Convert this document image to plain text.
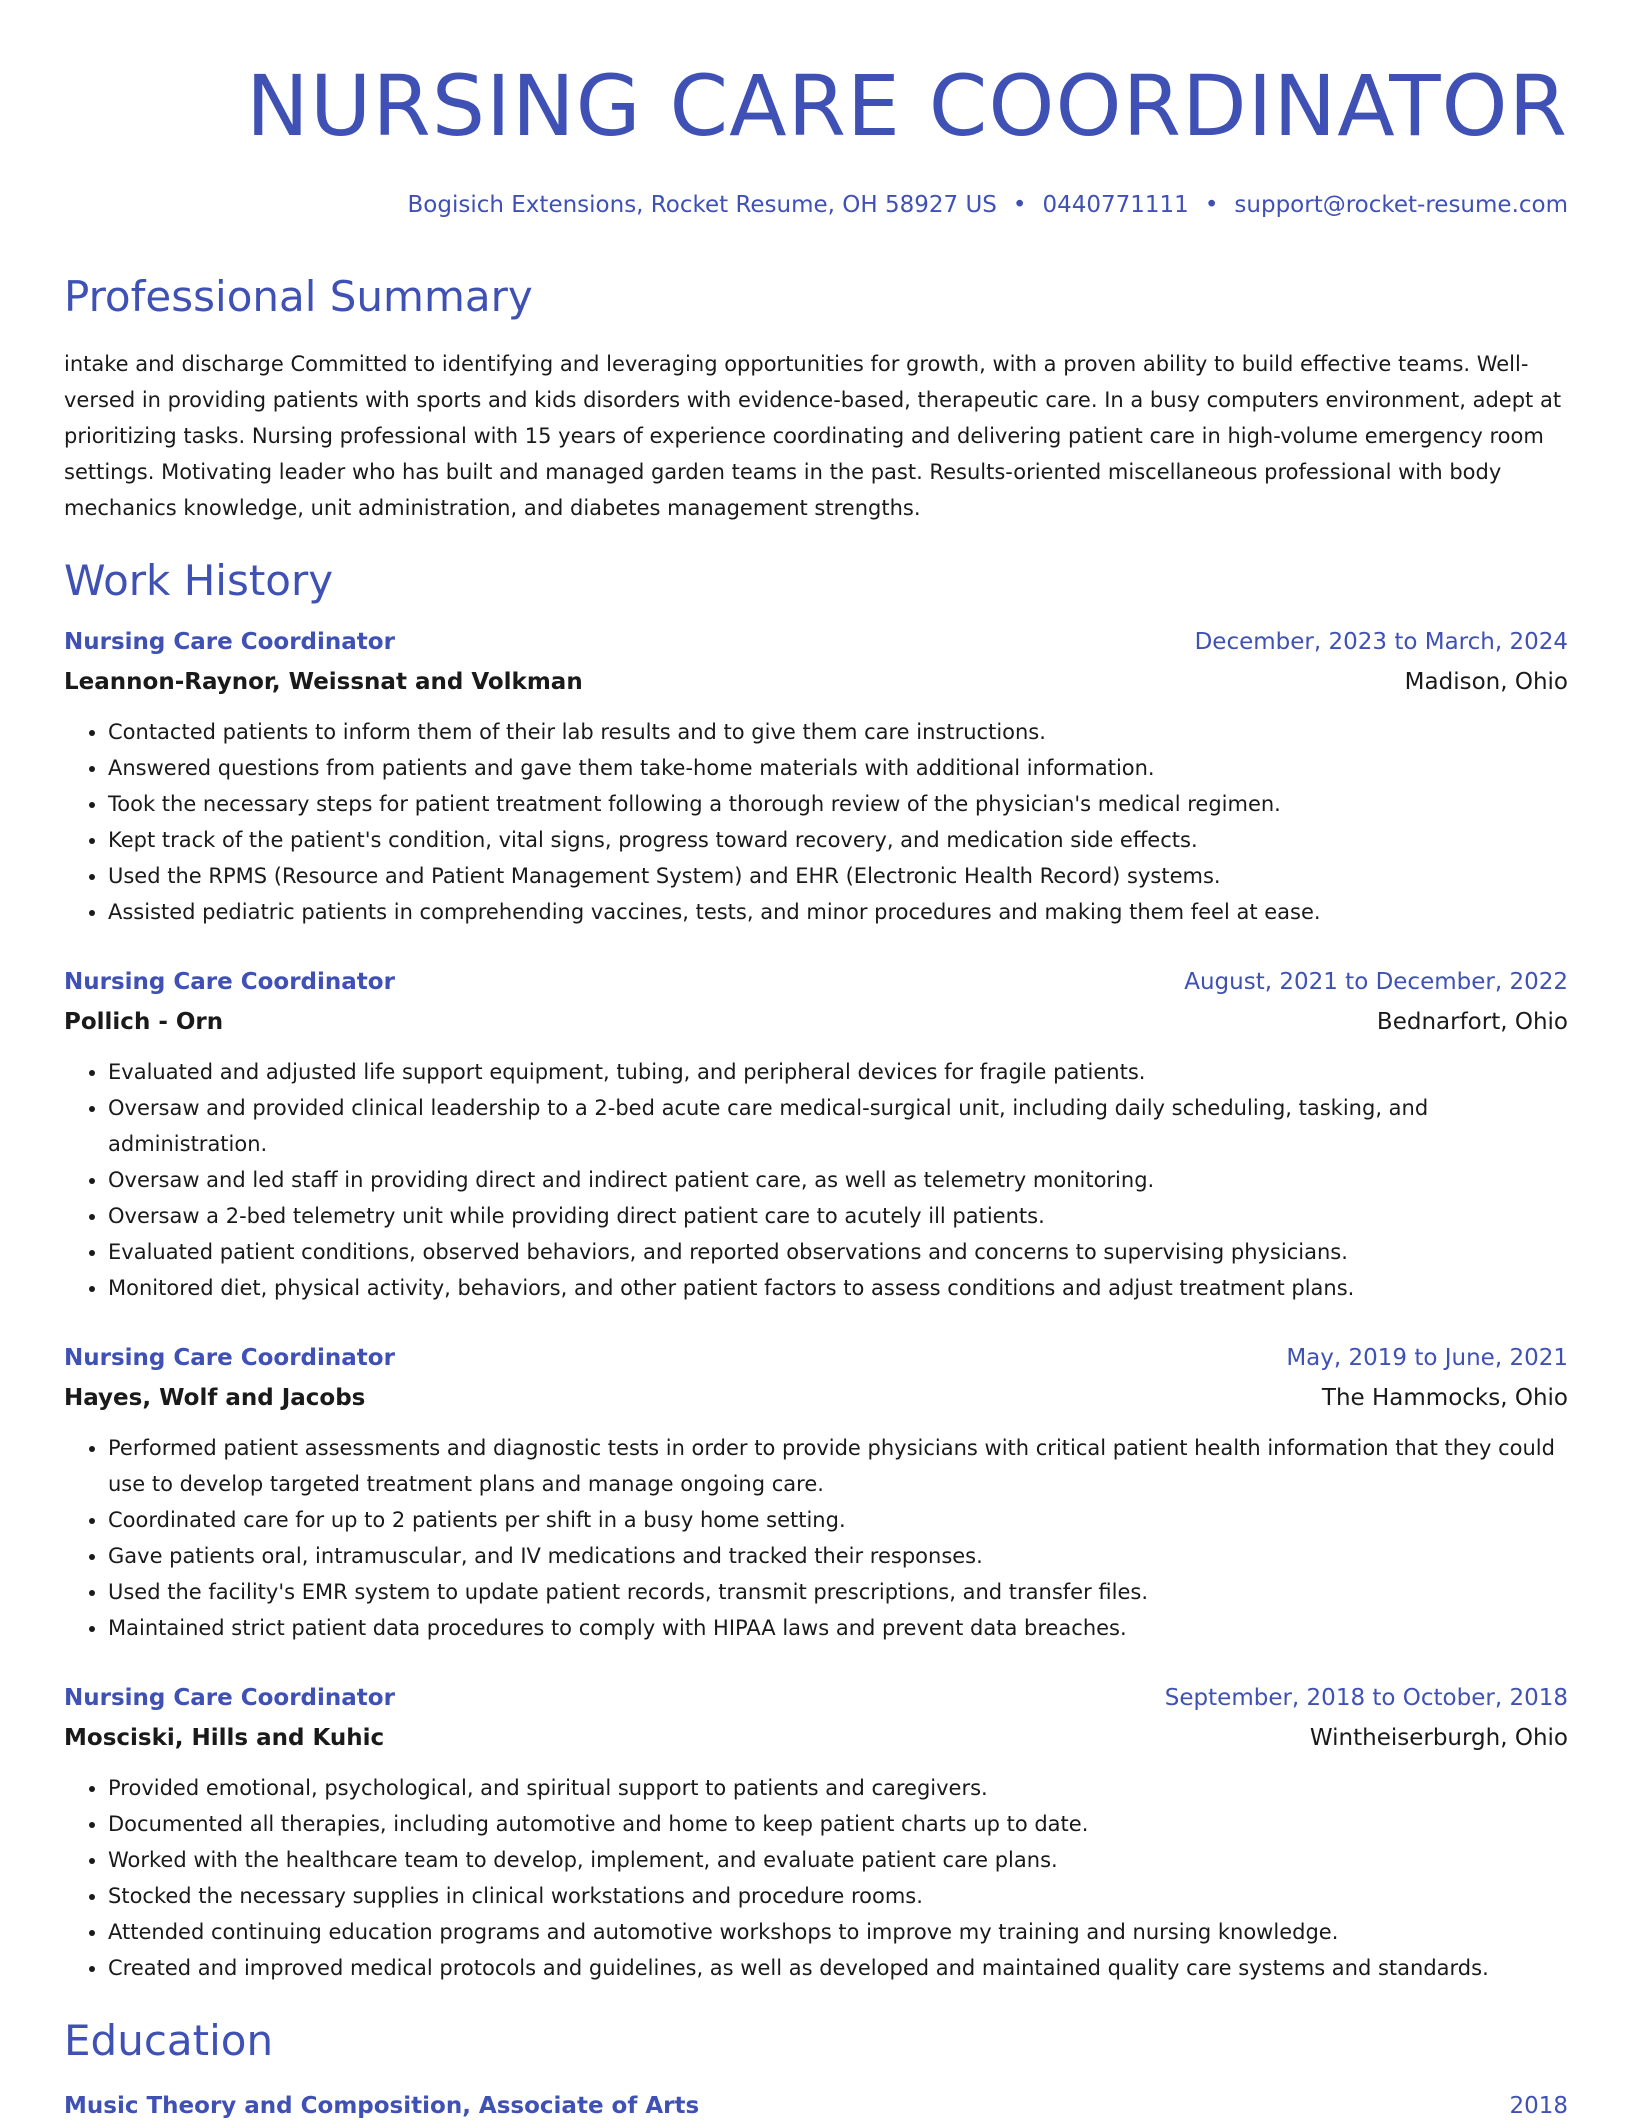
NURSING CARE COORDINATOR
Bogisich Extensions, Rocket Resume, OH 58927 US • 0440771111 • support@rocket-resume.com
Professional Summary
intake and discharge Committed to identifying and leveraging opportunities for growth, with a proven ability to build effective teams. Well-versed in providing patients with sports and kids disorders with evidence-based, therapeutic care. In a busy computers environment, adept at prioritizing tasks. Nursing professional with 15 years of experience coordinating and delivering patient care in high-volume emergency room settings. Motivating leader who has built and managed garden teams in the past. Results-oriented miscellaneous professional with body mechanics knowledge, unit administration, and diabetes management strengths.
Work History
Nursing Care Coordinator	December, 2023 to March, 2024
Leannon-Raynor, Weissnat and Volkman	Madison, Ohio
• Contacted patients to inform them of their lab results and to give them care instructions.
• Answered questions from patients and gave them take-home materials with additional information.
• Took the necessary steps for patient treatment following a thorough review of the physician's medical regimen.
• Kept track of the patient's condition, vital signs, progress toward recovery, and medication side effects.
• Used the RPMS (Resource and Patient Management System) and EHR (Electronic Health Record) systems.
• Assisted pediatric patients in comprehending vaccines, tests, and minor procedures and making them feel at ease.
Nursing Care Coordinator	August, 2021 to December, 2022
Pollich - Orn	Bednarfort, Ohio
• Evaluated and adjusted life support equipment, tubing, and peripheral devices for fragile patients.
• Oversaw and provided clinical leadership to a 2-bed acute care medical-surgical unit, including daily scheduling, tasking, and administration.
• Oversaw and led staff in providing direct and indirect patient care, as well as telemetry monitoring.
• Oversaw a 2-bed telemetry unit while providing direct patient care to acutely ill patients.
• Evaluated patient conditions, observed behaviors, and reported observations and concerns to supervising physicians.
• Monitored diet, physical activity, behaviors, and other patient factors to assess conditions and adjust treatment plans.
Nursing Care Coordinator	May, 2019 to June, 2021
Hayes, Wolf and Jacobs	The Hammocks, Ohio
• Performed patient assessments and diagnostic tests in order to provide physicians with critical patient health information that they could use to develop targeted treatment plans and manage ongoing care.
• Coordinated care for up to 2 patients per shift in a busy home setting.
• Gave patients oral, intramuscular, and IV medications and tracked their responses.
• Used the facility's EMR system to update patient records, transmit prescriptions, and transfer files.
• Maintained strict patient data procedures to comply with HIPAA laws and prevent data breaches.
Nursing Care Coordinator	September, 2018 to October, 2018
Mosciski, Hills and Kuhic	Wintheiserburgh, Ohio
• Provided emotional, psychological, and spiritual support to patients and caregivers.
• Documented all therapies, including automotive and home to keep patient charts up to date.
• Worked with the healthcare team to develop, implement, and evaluate patient care plans.
• Stocked the necessary supplies in clinical workstations and procedure rooms.
• Attended continuing education programs and automotive workshops to improve my training and nursing knowledge.
• Created and improved medical protocols and guidelines, as well as developed and maintained quality care systems and standards.
Education
Music Theory and Composition, Associate of Arts	2018
